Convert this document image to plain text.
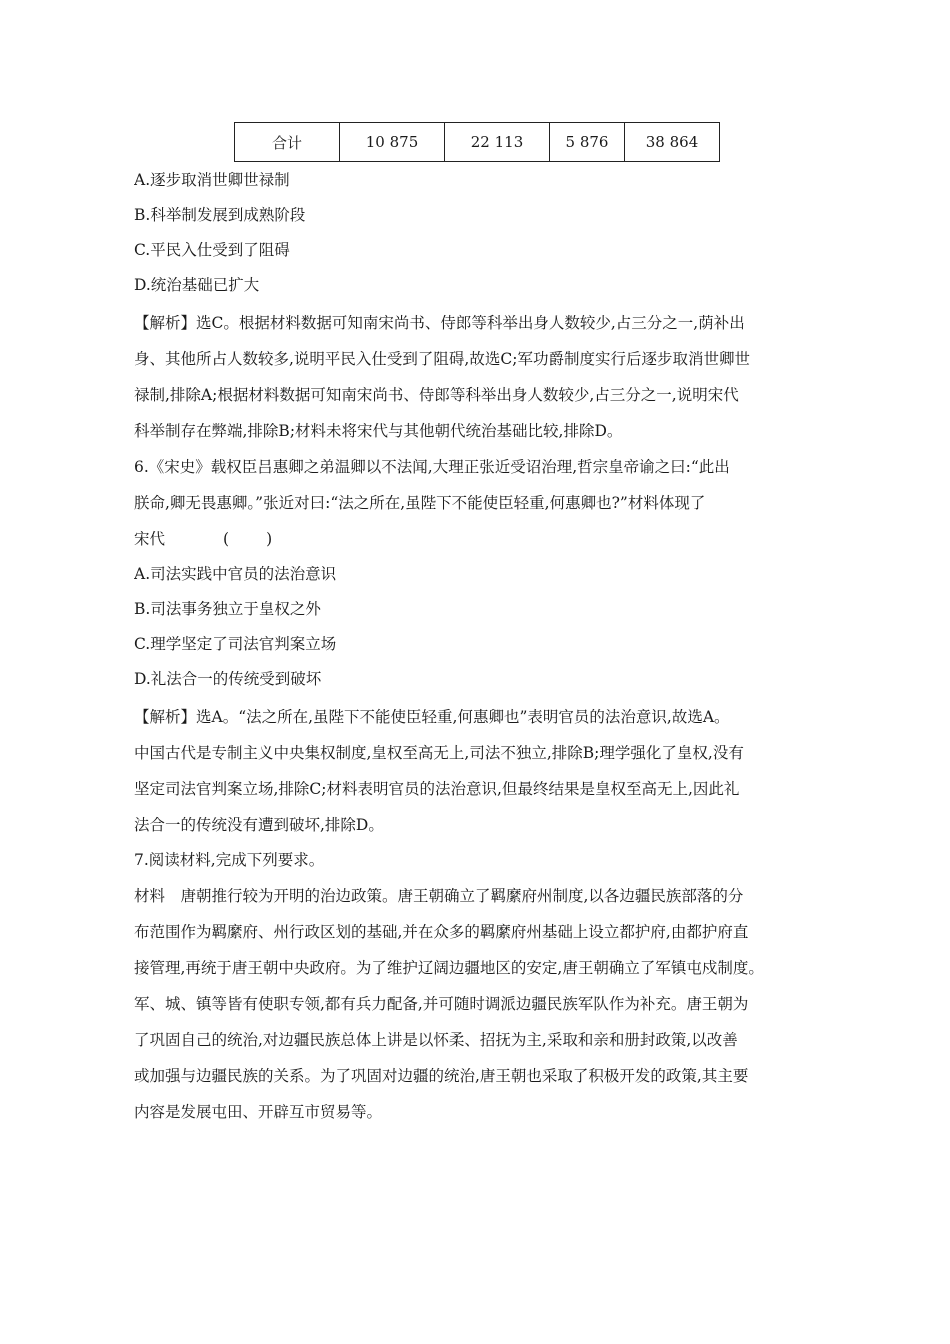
合计	10 875	22 113	5 876	38 864
A.逐步取消世卿世禄制
B.科举制发展到成熟阶段
C.平民入仕受到了阻碍
D.统治基础已扩大
【解析】选C。根据材料数据可知南宋尚书、侍郎等科举出身人数较少,占三分之一,荫补出
身、其他所占人数较多,说明平民入仕受到了阻碍,故选C;军功爵制度实行后逐步取消世卿世
禄制,排除A;根据材料数据可知南宋尚书、侍郎等科举出身人数较少,占三分之一,说明宋代
科举制存在弊端,排除B;材料未将宋代与其他朝代统治基础比较,排除D。
6.《宋史》载权臣吕惠卿之弟温卿以不法闻,大理正张近受诏治理,哲宗皇帝谕之曰:“此出
朕命,卿无畏惠卿。”张近对曰:“法之所在,虽陛下不能使臣轻重,何惠卿也?”材料体现了
宋代	(　　)
A.司法实践中官员的法治意识
B.司法事务独立于皇权之外
C.理学坚定了司法官判案立场
D.礼法合一的传统受到破坏
【解析】选A。“法之所在,虽陛下不能使臣轻重,何惠卿也”表明官员的法治意识,故选A。
中国古代是专制主义中央集权制度,皇权至高无上,司法不独立,排除B;理学强化了皇权,没有
坚定司法官判案立场,排除C;材料表明官员的法治意识,但最终结果是皇权至高无上,因此礼
法合一的传统没有遭到破坏,排除D。
7.阅读材料,完成下列要求。
材料　唐朝推行较为开明的治边政策。唐王朝确立了羁縻府州制度,以各边疆民族部落的分
布范围作为羁縻府、州行政区划的基础,并在众多的羁縻府州基础上设立都护府,由都护府直
接管理,再统于唐王朝中央政府。为了维护辽阔边疆地区的安定,唐王朝确立了军镇屯戍制度。
军、城、镇等皆有使职专领,都有兵力配备,并可随时调派边疆民族军队作为补充。唐王朝为
了巩固自己的统治,对边疆民族总体上讲是以怀柔、招抚为主,采取和亲和册封政策,以改善
或加强与边疆民族的关系。为了巩固对边疆的统治,唐王朝也采取了积极开发的政策,其主要
内容是发展屯田、开辟互市贸易等。
